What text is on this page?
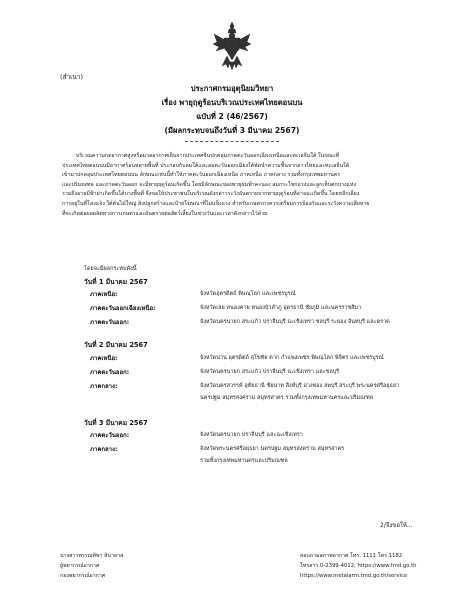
(สำเนา)
ประกาศกรมอุตุนิยมวิทยา
เรื่อง พายุฤดูร้อนบริเวณประเทศไทยตอนบน
ฉบับที่ 2 (46/2567)
(มีผลกระทบจนถึงวันที่ 3 มีนาคม 2567)
บริเวณความกดอากาศสูงหรือมวลอากาศเย็นจากประเทศจีนปกคลุมภาคตะวันออกเฉียงเหนือและทะเลจีนใต้ ในขณะที่
ประเทศไทยตอนบนมีอากาศร้อนหลายพื้นที่ ประกอบกับลมใต้และลมตะวันออกเฉียงใต้พัดนำความชื้นจากอ่าวไทยและทะเลจีนใต้
เข้ามาปกคลุมประเทศไทยตอนบน ลักษณะเช่นนี้ทำให้ภาคตะวันออกเฉียงเหนือ ภาคเหนือ ภาคกลาง รวมทั้งกรุงเทพมหานคร
และปริมณฑล และภาคตะวันออก จะมีพายุฤดูร้อนเกิดขึ้น โดยมีลักษณะของพายุฝนฟ้าคะนอง ลมกระโชกแรงและลูกเห็บตกบางแห่ง
รวมถึงอาจมีฟ้าผ่าเกิดขึ้นได้บางพื้นที่ จึงขอให้ประชาชนในบริเวณดังกล่าวระวังอันตรายจากพายุฤดูร้อนที่อาจจะเกิดขึ้น โดยหลีกเลี่ยง
การอยู่ในที่โล่งแจ้ง ใต้ต้นไม้ใหญ่ สิ่งปลูกสร้างและป้ายโฆษณาที่ไม่แข็งแรง สำหรับเกษตรกรควรเตรียมการป้องกันและระวังความเสียหาย
ที่จะเกิดต่อผลผลิตทางการเกษตรและอันตรายต่อสัตว์เลี้ยงในช่วงวันและเวลาดังกล่าวไว้ด้วย
โดยจะมีผลกระทบดังนี้
วันที่ 1 มีนาคม 2567
ภาคเหนือ:	จังหวัดอุตรดิตถ์ พิษณุโลก และเพชรบูรณ์
ภาคตะวันออกเฉียงเหนือ:	จังหวัดเลย หนองคาย หนองบัวลำภู อุดรธานี ชัยภูมิ และนครราชสีมา
ภาคตะวันออก:	จังหวัดนครนายก สระแก้ว ปราจีนบุรี ฉะเชิงเทรา ชลบุรี ระยอง จันทบุรี และตราด
วันที่ 2 มีนาคม 2567
ภาคเหนือ:	จังหวัดน่าน อุตรดิตถ์ สุโขทัย ตาก กำแพงเพชร พิษณุโลก พิจิตร และเพชรบูรณ์
ภาคตะวันออก:	จังหวัดนครนายก สระแก้ว ปราจีนบุรี ฉะเชิงเทรา และชลบุรี
ภาคกลาง:	จังหวัดนครสวรรค์ อุทัยธานี ชัยนาท สิงห์บุรี อ่างทอง ลพบุรี สระบุรี พระนครศรีอยุธยา
นครปฐม สมุทรสงคราม สมุทรสาคร รวมทั้งกรุงเทพมหานครและปริมณฑล
วันที่ 3 มีนาคม 2567
ภาคตะวันออก:	จังหวัดนครนายก ปราจีนบุรี และฉะเชิงเทรา
ภาคกลาง:	จังหวัดพระนครศรีอยุธยา นครปฐม สมุทรสงคราม สมุทรสาคร
รวมทั้งกรุงเทพมหานครและปริมณฑล
2/จึงขอให้...
นางสาวพรรณทิพา สินาลาส
ผู้พยากรณ์อากาศ
กองพยากรณ์อากาศ
สอบถามสภาพอากาศ โทร. 1111 โทร 1182
โทรสาร 0-2399-4012, https://www.tmd.go.th
https://www.metalarm.tmd.go.th/service
